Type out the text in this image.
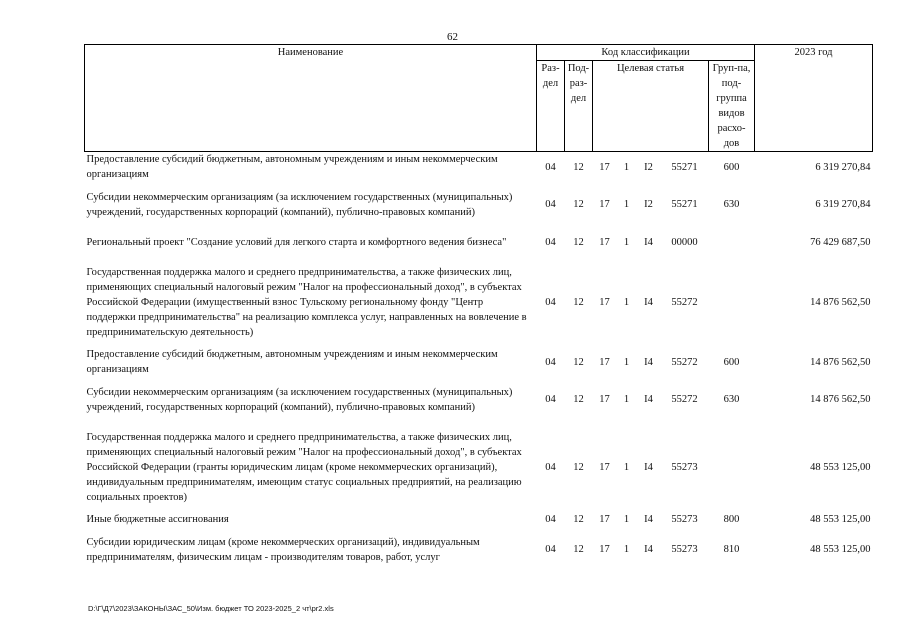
62
Наименование	Код классификации							2023 год
	Раз-дел	Под-раз-дел	Целевая статья				Груп-па, под-группа видов расхо-дов	
Предоставление субсидий бюджетным, автономным учреждениям и иным некоммерческим организациям	04	12	17	1	I2	55271	600	6 319 270,84
Субсидии некоммерческим организациям (за исключением государственных (муниципальных) учреждений, государственных корпораций (компаний), публично-правовых компаний)	04	12	17	1	I2	55271	630	6 319 270,84
Региональный проект "Создание условий для легкого старта и комфортного ведения бизнеса"	04	12	17	1	I4	00000		76 429 687,50
Государственная поддержка малого и среднего предпринимательства, а также физических лиц, применяющих специальный налоговый режим "Налог на профессиональный доход", в субъектах Российской Федерации (имущественный взнос Тульскому региональному фонду "Центр поддержки предпринимательства" на реализацию комплекса услуг, направленных на вовлечение в предпринимательскую деятельность)	04	12	17	1	I4	55272		14 876 562,50
Предоставление субсидий бюджетным, автономным учреждениям и иным некоммерческим организациям	04	12	17	1	I4	55272	600	14 876 562,50
Субсидии некоммерческим организациям (за исключением государственных (муниципальных) учреждений, государственных корпораций (компаний), публично-правовых компаний)	04	12	17	1	I4	55272	630	14 876 562,50
Государственная поддержка малого и среднего предпринимательства, а также физических лиц, применяющих специальный налоговый режим "Налог на профессиональный доход", в субъектах Российской Федерации (гранты юридическим лицам (кроме некоммерческих организаций), индивидуальным предпринимателям, имеющим статус социальных предприятий, на реализацию социальных проектов)	04	12	17	1	I4	55273		48 553 125,00
Иные бюджетные ассигнования	04	12	17	1	I4	55273	800	48 553 125,00
Субсидии юридическим лицам (кроме некоммерческих организаций), индивидуальным предпринимателям, физическим лицам - производителям товаров, работ, услуг	04	12	17	1	I4	55273	810	48 553 125,00
D:\Г\Д7\2023\ЗАКОНЫ\ЗАС_50\Изм. бюджет ТО 2023-2025_2 чт\pr2.xls
